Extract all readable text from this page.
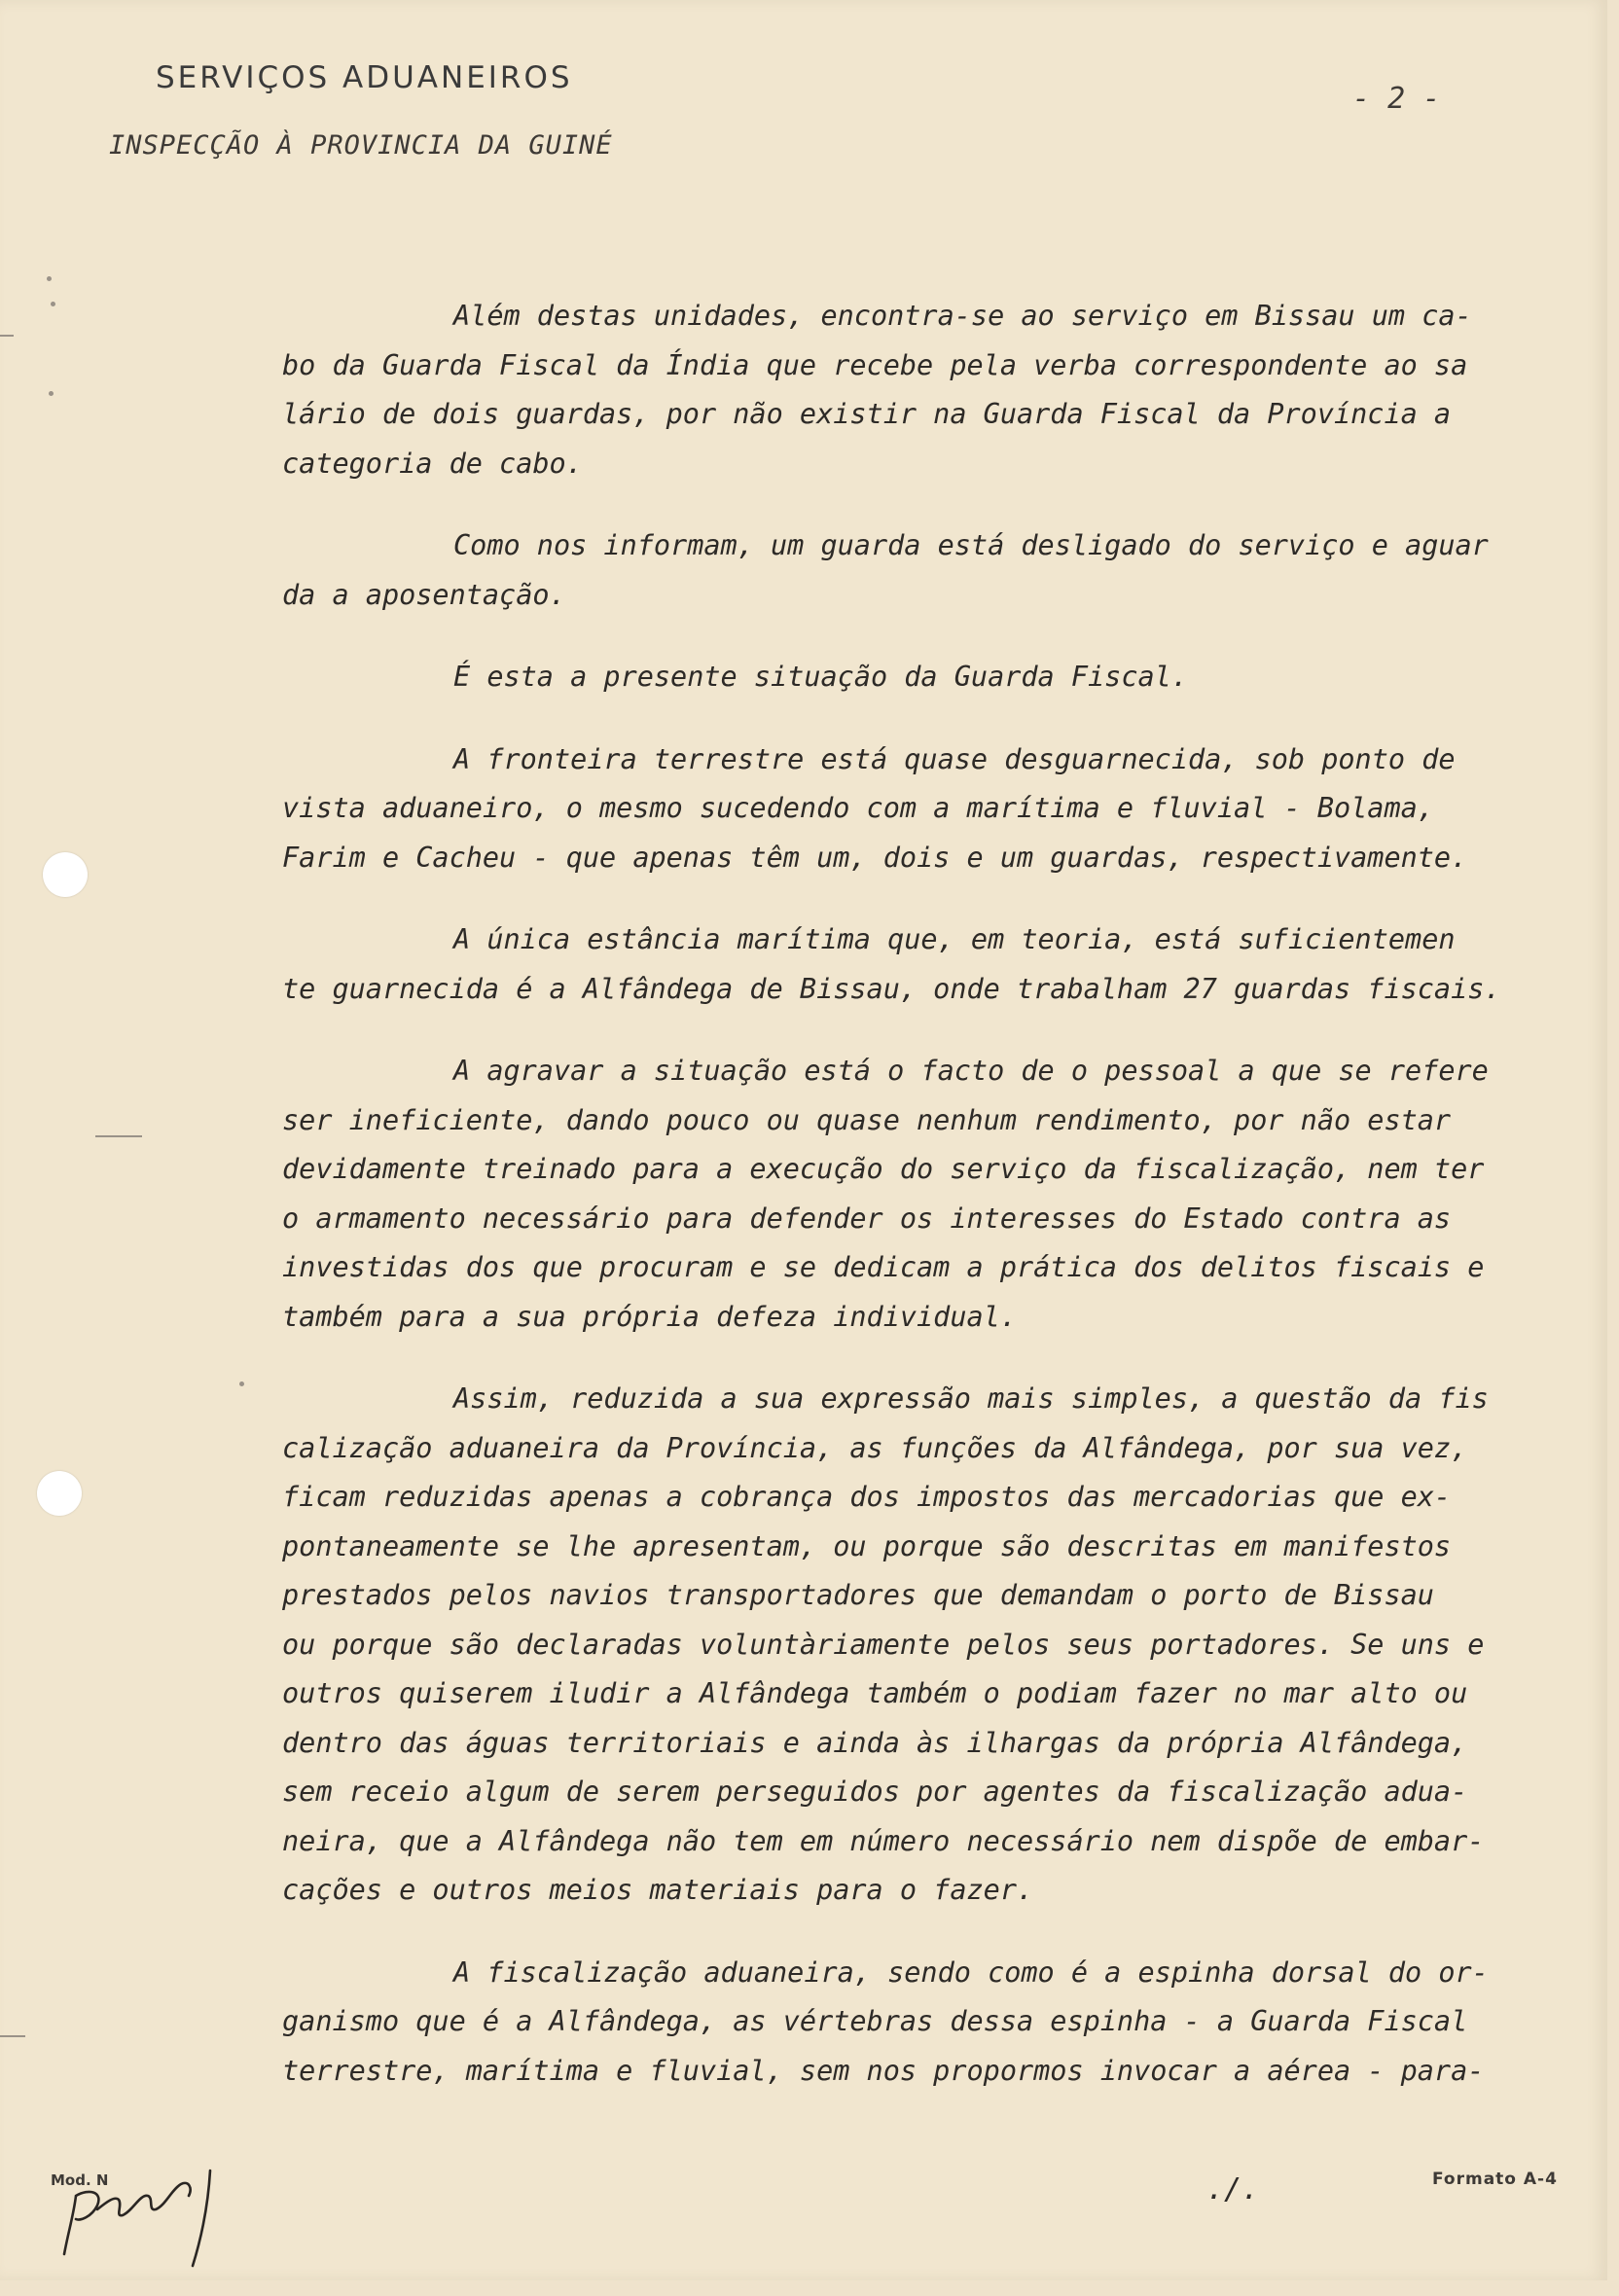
SERVIÇOS ADUANEIROS
INSPECÇÃO À PROVINCIA DA GUINÉ
- 2 -
Além destas unidades, encontra-se ao serviço em Bissau um ca-
bo da Guarda Fiscal da Índia que recebe pela verba correspondente ao sa
lário de dois guardas, por não existir na Guarda Fiscal da Província a
categoria de cabo.
Como nos informam, um guarda está desligado do serviço e aguar
da a aposentação.
É esta a presente situação da Guarda Fiscal.
A fronteira terrestre está quase desguarnecida, sob ponto de
vista aduaneiro, o mesmo sucedendo com a marítima e fluvial - Bolama,
Farim e Cacheu - que apenas têm um, dois e um guardas, respectivamente.
A única estância marítima que, em teoria, está suficientemen
te guarnecida é a Alfândega de Bissau, onde trabalham 27 guardas fiscais.
A agravar a situação está o facto de o pessoal a que se refere
ser ineficiente, dando pouco ou quase nenhum rendimento, por não estar
devidamente treinado para a execução do serviço da fiscalização, nem ter
o armamento necessário para defender os interesses do Estado contra as
investidas dos que procuram e se dedicam a prática dos delitos fiscais e
também para a sua própria defeza individual.
Assim, reduzida a sua expressão mais simples, a questão da fis
calização aduaneira da Província, as funções da Alfândega, por sua vez,
ficam reduzidas apenas a cobrança dos impostos das mercadorias que ex-
pontaneamente se lhe apresentam, ou porque são descritas em manifestos
prestados pelos navios transportadores que demandam o porto de Bissau
ou porque são declaradas voluntàriamente pelos seus portadores. Se uns e
outros quiserem iludir a Alfândega também o podiam fazer no mar alto ou
dentro das águas territoriais e ainda às ilhargas da própria Alfândega,
sem receio algum de serem perseguidos por agentes da fiscalização adua-
neira, que a Alfândega não tem em número necessário nem dispõe de embar-
cações e outros meios materiais para o fazer.
A fiscalização aduaneira, sendo como é a espinha dorsal do or-
ganismo que é a Alfândega, as vértebras dessa espinha - a Guarda Fiscal
terrestre, marítima e fluvial, sem nos propormos invocar a aérea - para-
Mod. N	./.	Formato A-4
